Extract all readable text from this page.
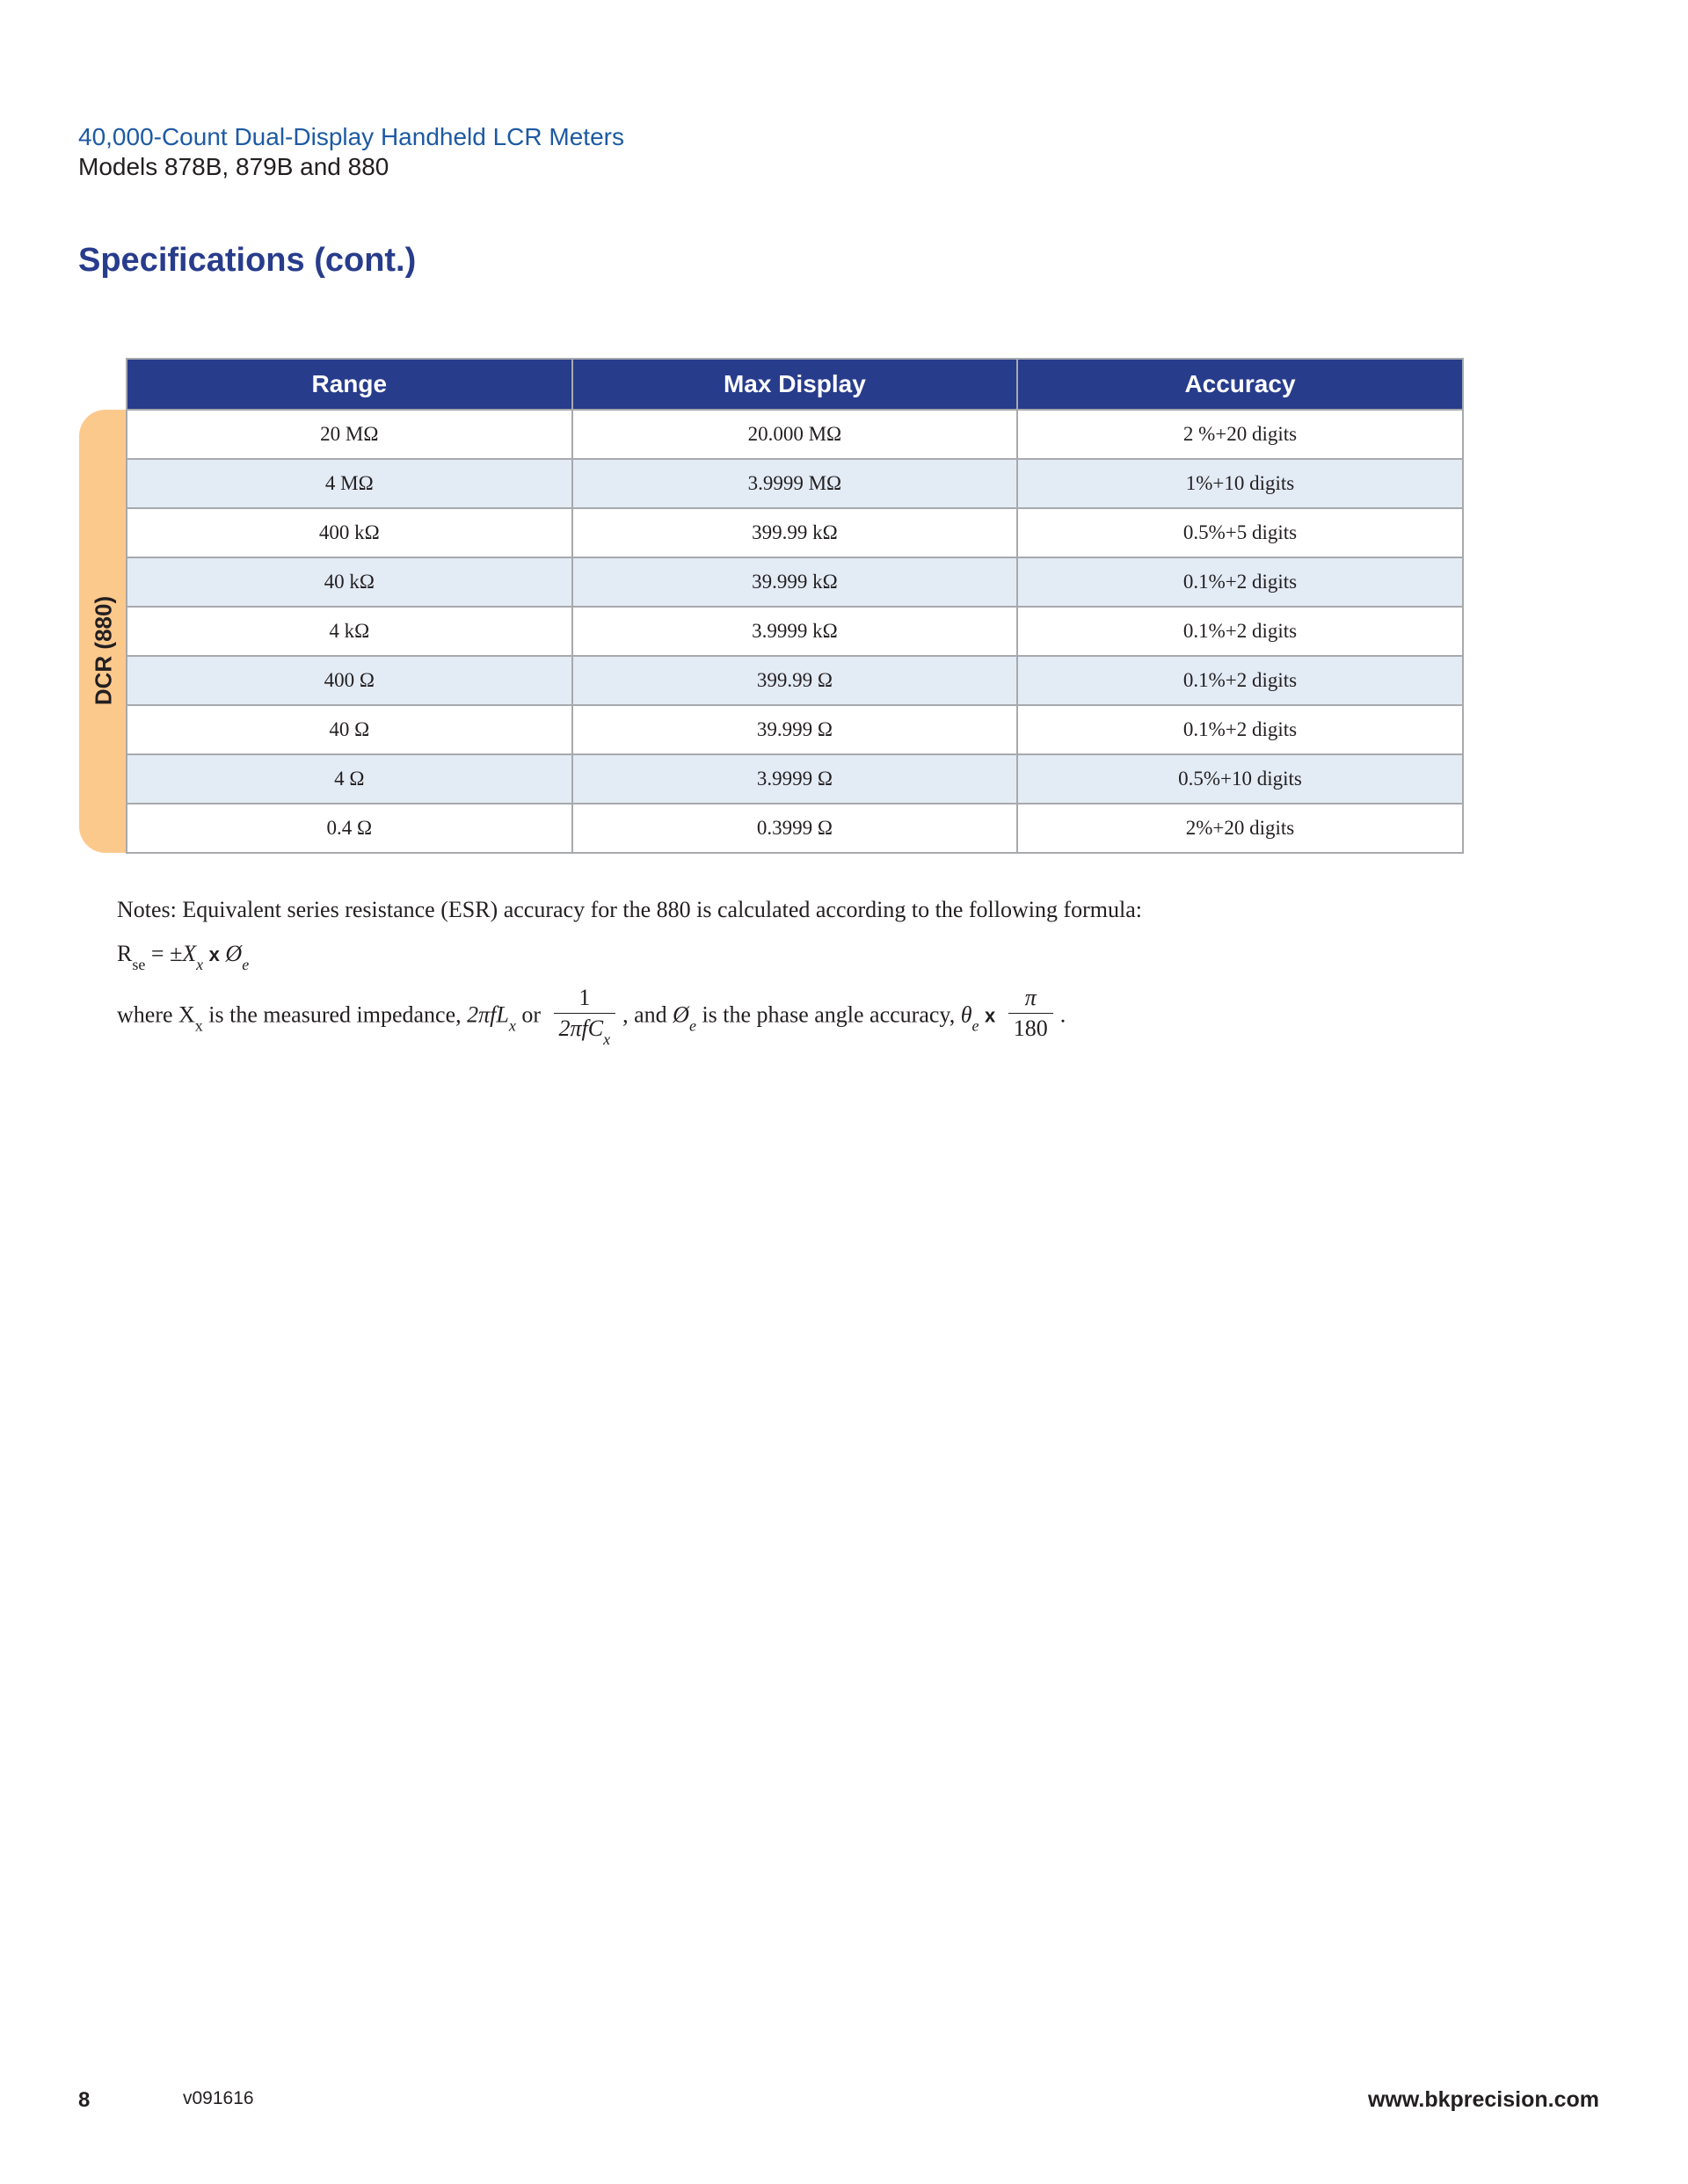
40,000-Count Dual-Display Handheld LCR Meters
Models 878B, 879B and 880
Specifications (cont.)
DCR (880)
Range	Max Display	Accuracy
20 MΩ	20.000 MΩ	2 %+20 digits
4 MΩ	3.9999 MΩ	1%+10 digits
400 kΩ	399.99 kΩ	0.5%+5 digits
40 kΩ	39.999 kΩ	0.1%+2 digits
4 kΩ	3.9999 kΩ	0.1%+2 digits
400 Ω	399.99 Ω	0.1%+2 digits
40 Ω	39.999 Ω	0.1%+2 digits
4 Ω	3.9999 Ω	0.5%+10 digits
0.4 Ω	0.3999 Ω	2%+20 digits
Notes: Equivalent series resistance (ESR) accuracy for the 880 is calculated according to the following formula:
$R_{se} = \pm X_x$ x $Ø_e$
where $X_x$ is the measured impedance, 2πfL$_x$ or $\frac{1}{2\pi fC_x}$ , and $Ø_e$ is the phase angle accuracy, $\theta_e$ x $\frac{\pi}{180}$ .
8	v091616	www.bkprecision.com
